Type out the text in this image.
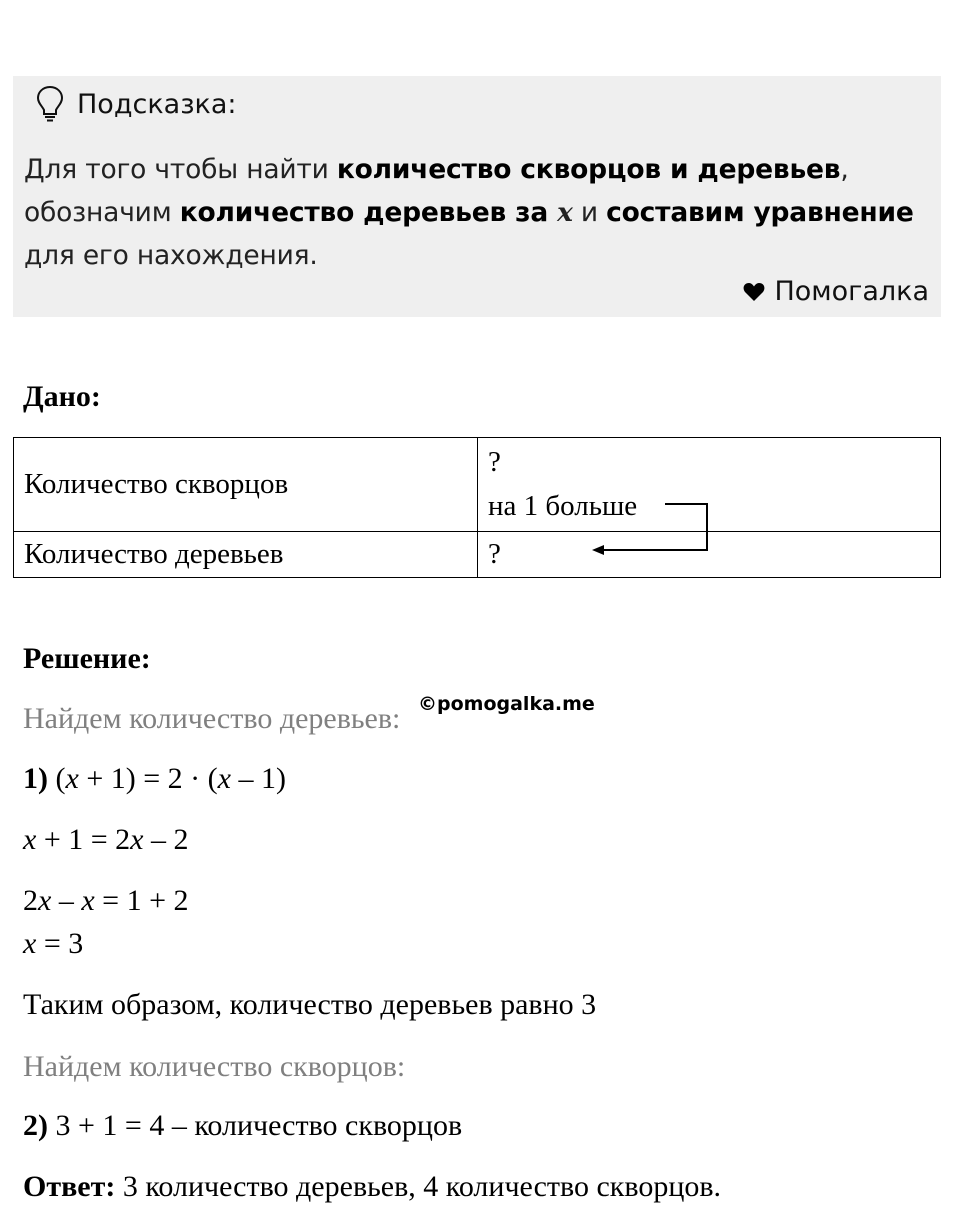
Подсказка:
Для того чтобы найти количество скворцов и деревьев, обозначим количество деревьев за x и составим уравнение для его нахождения.
Помогалка
Дано:
Количество скворцов	?
на 1 больше

Количество деревьев	?
Решение:
Найдем количество деревьев: ©pomogalka.me
1) (x + 1) = 2 · (x – 1)
x + 1 = 2x – 2
2x – x = 1 + 2
x = 3
Таким образом, количество деревьев равно 3
Найдем количество скворцов:
2) 3 + 1 = 4 – количество скворцов
Ответ: 3 количество деревьев, 4 количество скворцов.
